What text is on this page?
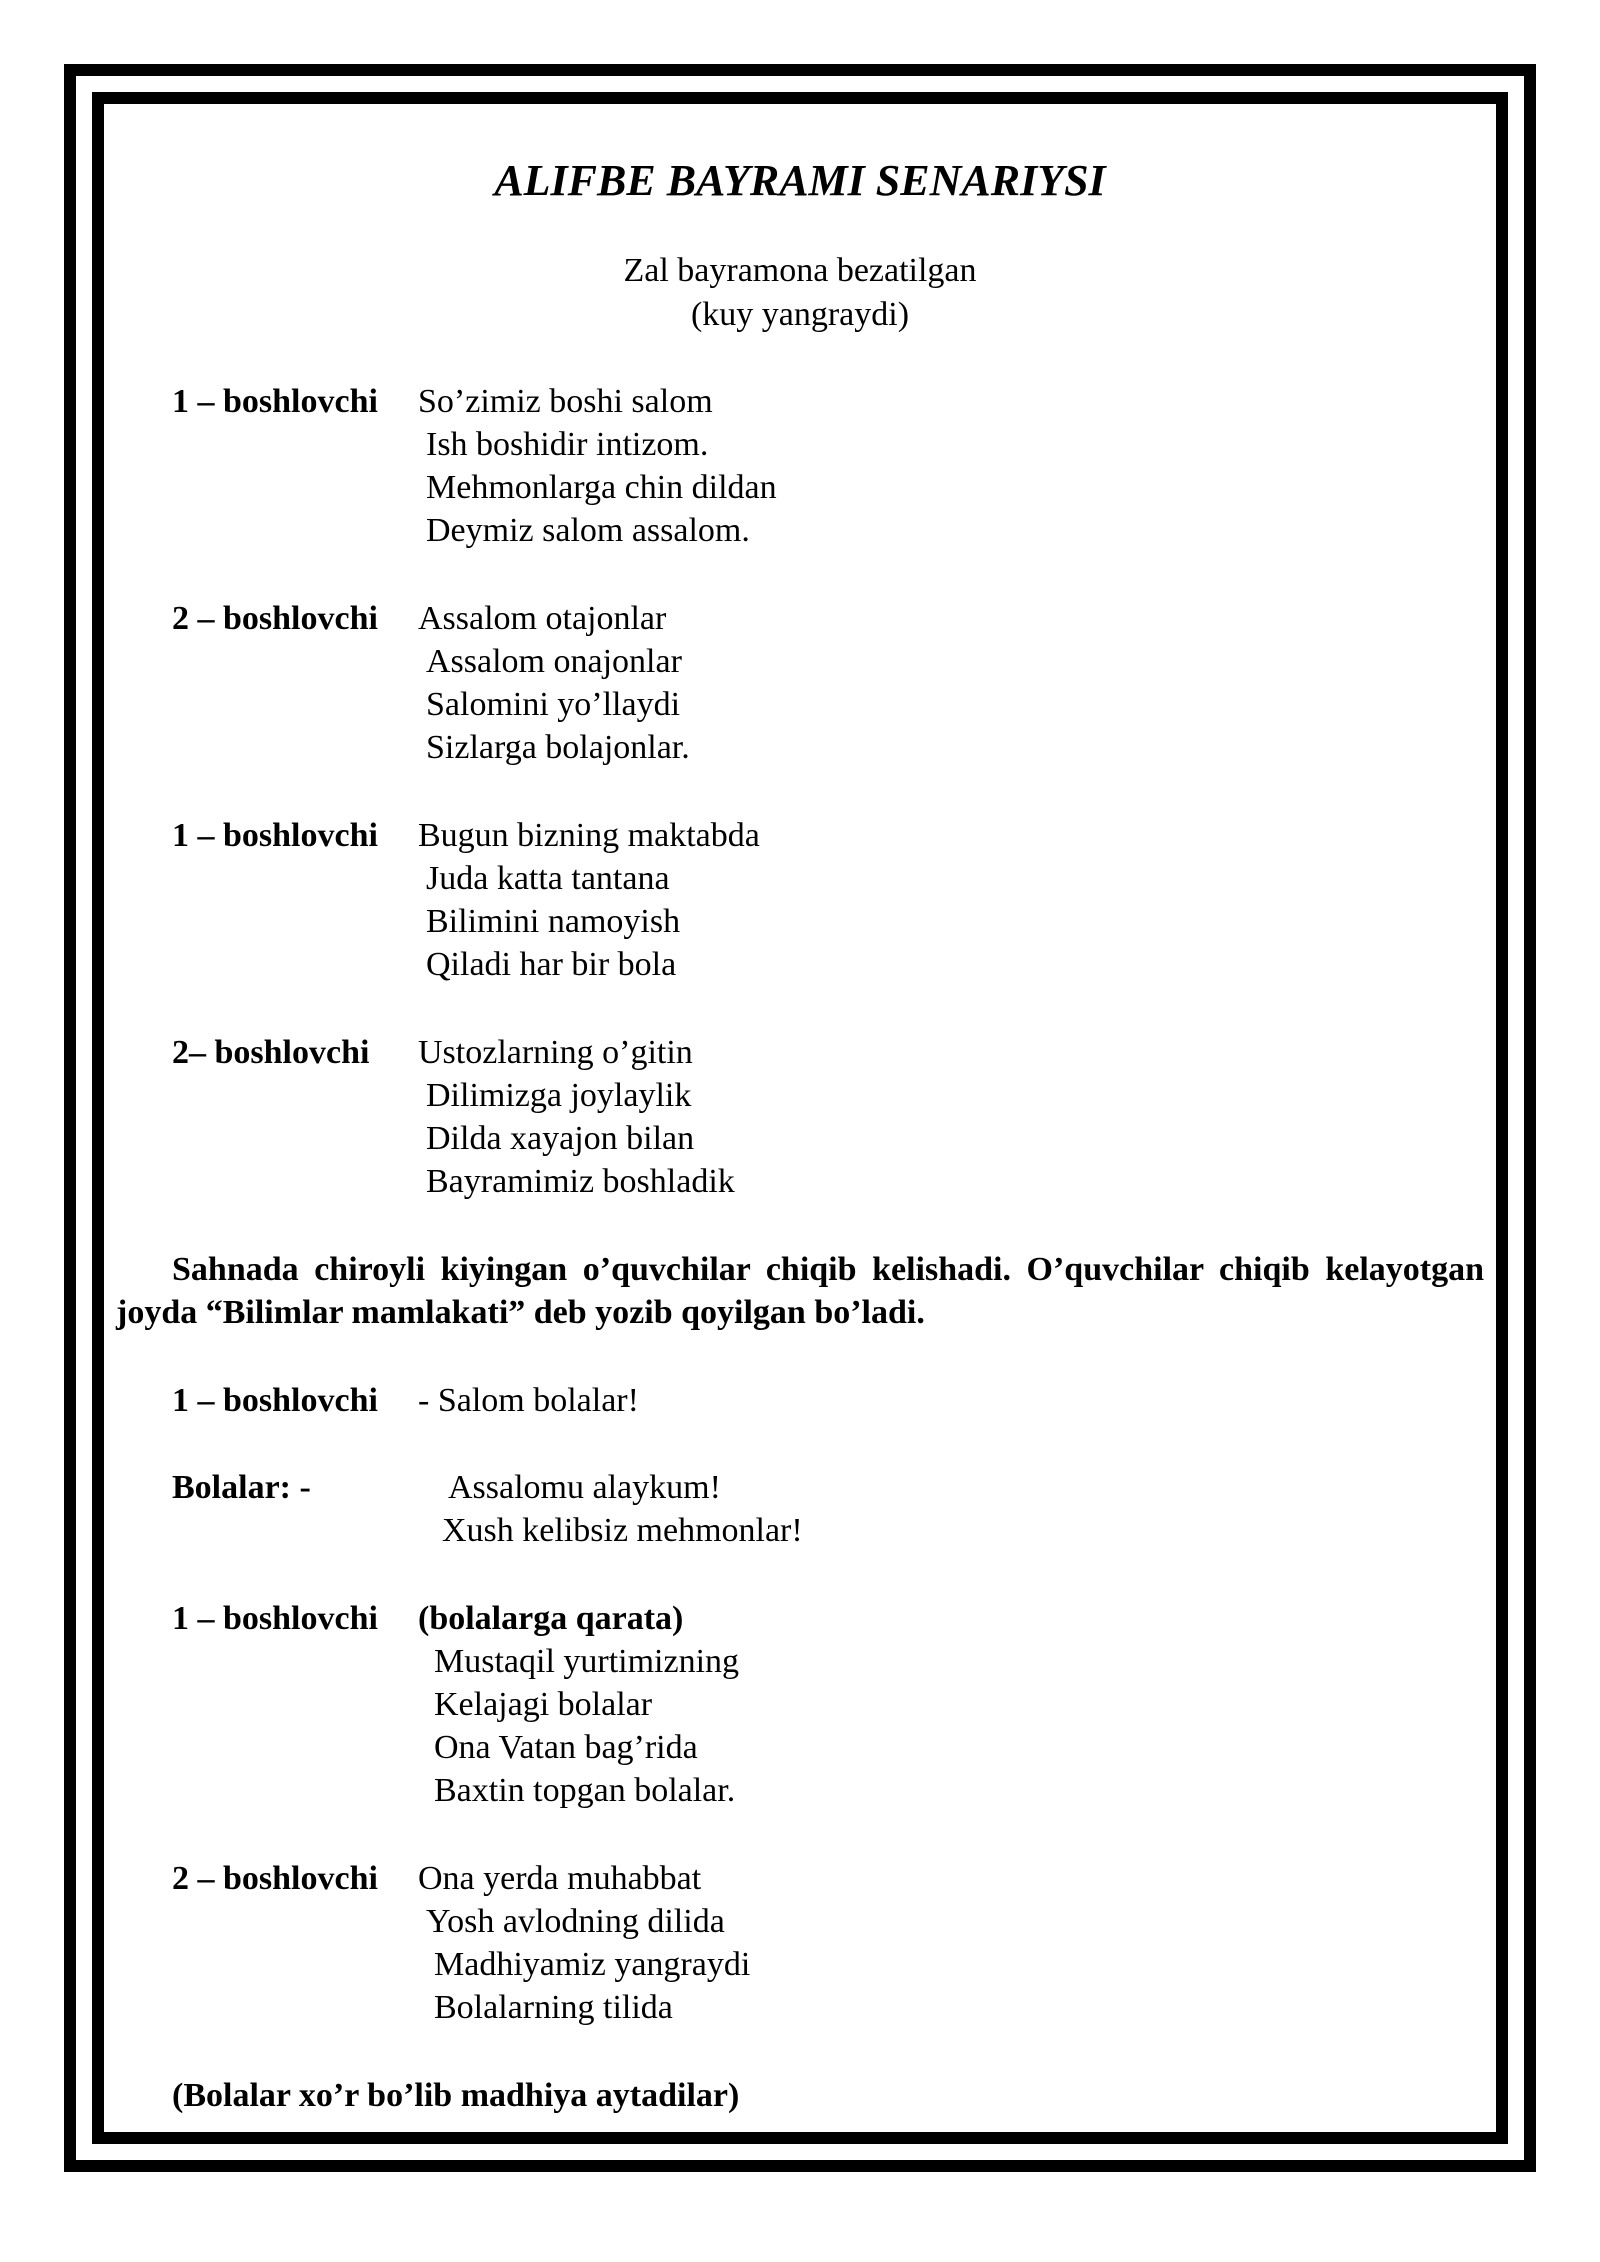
ALIFBE BAYRAMI SENARIYSI
Zal bayramona bezatilgan
(kuy yangraydi)
1 – boshlovchi So’zimiz boshi salom
Ish boshidir intizom.
Mehmonlarga chin dildan
Deymiz salom assalom.
2 – boshlovchi Assalom otajonlar
Assalom onajonlar
Salomini yo’llaydi
Sizlarga bolajonlar.
1 – boshlovchi Bugun bizning maktabda
Juda katta tantana
Bilimini namoyish
Qiladi har bir bola
2– boshlovchi Ustozlarning o’gitin
Dilimizga joylaylik
Dilda xayajon bilan
Bayramimiz boshladik
Sahnada chiroyli kiyingan o’quvchilar chiqib kelishadi. O’quvchilar chiqib kelayotgan joyda “Bilimlar mamlakati” deb yozib qoyilgan bo’ladi.
1 – boshlovchi - Salom bolalar!
Bolalar: -	Assalomu alaykum!
Xush kelibsiz mehmonlar!
1 – boshlovchi (bolalarga qarata)
Mustaqil yurtimizning
Kelajagi bolalar
Ona Vatan bag’rida
Baxtin topgan bolalar.
2 – boshlovchi Ona yerda muhabbat
Yosh avlodning dilida
Madhiyamiz yangraydi
Bolalarning tilida
(Bolalar xo’r bo’lib madhiya aytadilar)
